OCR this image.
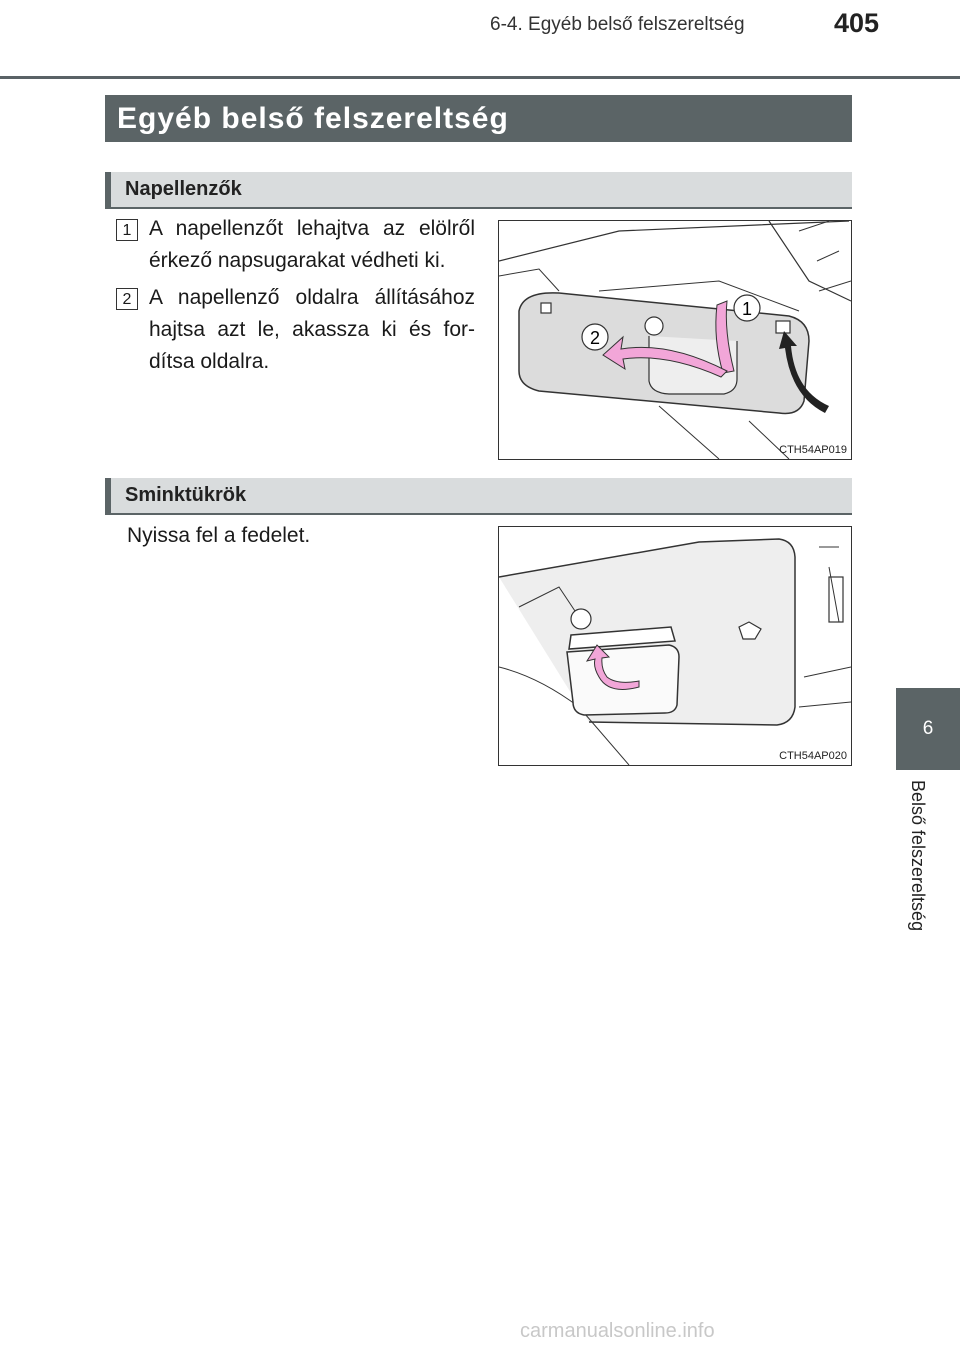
6-4. Egyéb belső felszereltség	405
Egyéb belső felszereltség
Napellenzők
1 A napellenzőt lehajtva az elölről érkező napsugarakat védheti ki.
2 A napellenző oldalra állításához hajtsa azt le, akassza ki és for-dítsa oldalra.
1
2
CTH54AP019
Sminktükrök
Nyissa fel a fedelet.
CTH54AP020
6
Belső felszereltség
carmanualsonline.info
